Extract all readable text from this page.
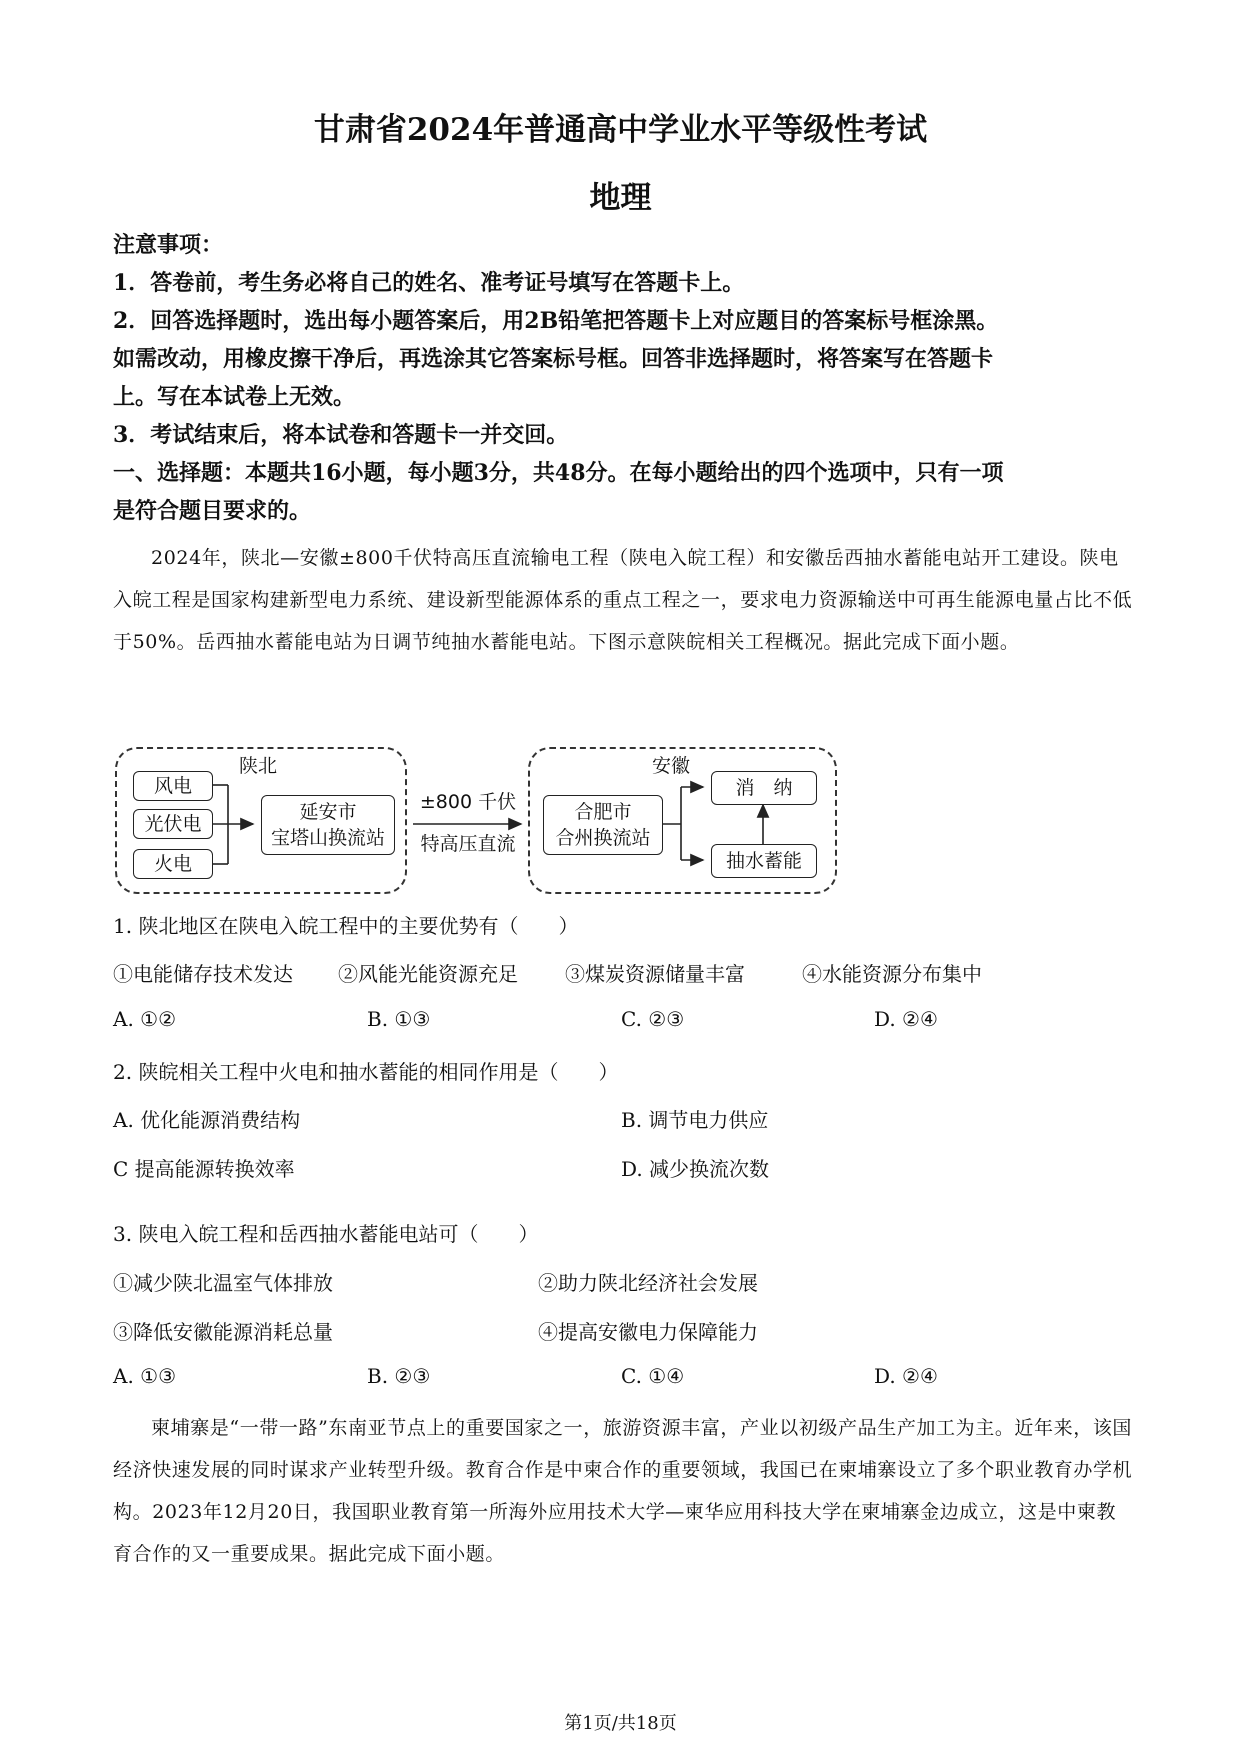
甘肃省2024年普通高中学业水平等级性考试
地理
注意事项：
1．答卷前，考生务必将自己的姓名、准考证号填写在答题卡上。
2．回答选择题时，选出每小题答案后，用2B铅笔把答题卡上对应题目的答案标号框涂黑。
如需改动，用橡皮擦干净后，再选涂其它答案标号框。回答非选择题时，将答案写在答题卡
上。写在本试卷上无效。
3．考试结束后，将本试卷和答题卡一并交回。
一、选择题：本题共16小题，每小题3分，共48分。在每小题给出的四个选项中，只有一项
是符合题目要求的。
2024年，陕北—安徽±800千伏特高压直流输电工程（陕电入皖工程）和安徽岳西抽水蓄能电站开工建设。陕电入皖工程是国家构建新型电力系统、建设新型能源体系的重点工程之一，要求电力资源输送中可再生能源电量占比不低于50%。岳西抽水蓄能电站为日调节纯抽水蓄能电站。下图示意陕皖相关工程概况。据此完成下面小题。
陕北
风电
光伏电
火电
延安市
宝塔山换流站
±800 千伏
特高压直流
安徽
合肥市
合州换流站
消　纳
抽水蓄能
1. 陕北地区在陕电入皖工程中的主要优势有（　　）
①电能储存技术发达 ②风能光能资源充足 ③煤炭资源储量丰富	④水能资源分布集中
A. ①②	B. ①③	C. ②③	D. ②④
2. 陕皖相关工程中火电和抽水蓄能的相同作用是（　　）
A. 优化能源消费结构	B. 调节电力供应
C 提高能源转换效率	D. 减少换流次数
3. 陕电入皖工程和岳西抽水蓄能电站可（　　）
①减少陕北温室气体排放	②助力陕北经济社会发展
③降低安徽能源消耗总量	④提高安徽电力保障能力
A. ①③	B. ②③	C. ①④	D. ②④
柬埔寨是“一带一路”东南亚节点上的重要国家之一，旅游资源丰富，产业以初级产品生产加工为主。近年来，该国经济快速发展的同时谋求产业转型升级。教育合作是中柬合作的重要领域，我国已在柬埔寨设立了多个职业教育办学机构。2023年12月20日，我国职业教育第一所海外应用技术大学—柬华应用科技大学在柬埔寨金边成立，这是中柬教育合作的又一重要成果。据此完成下面小题。
第1页/共18页
